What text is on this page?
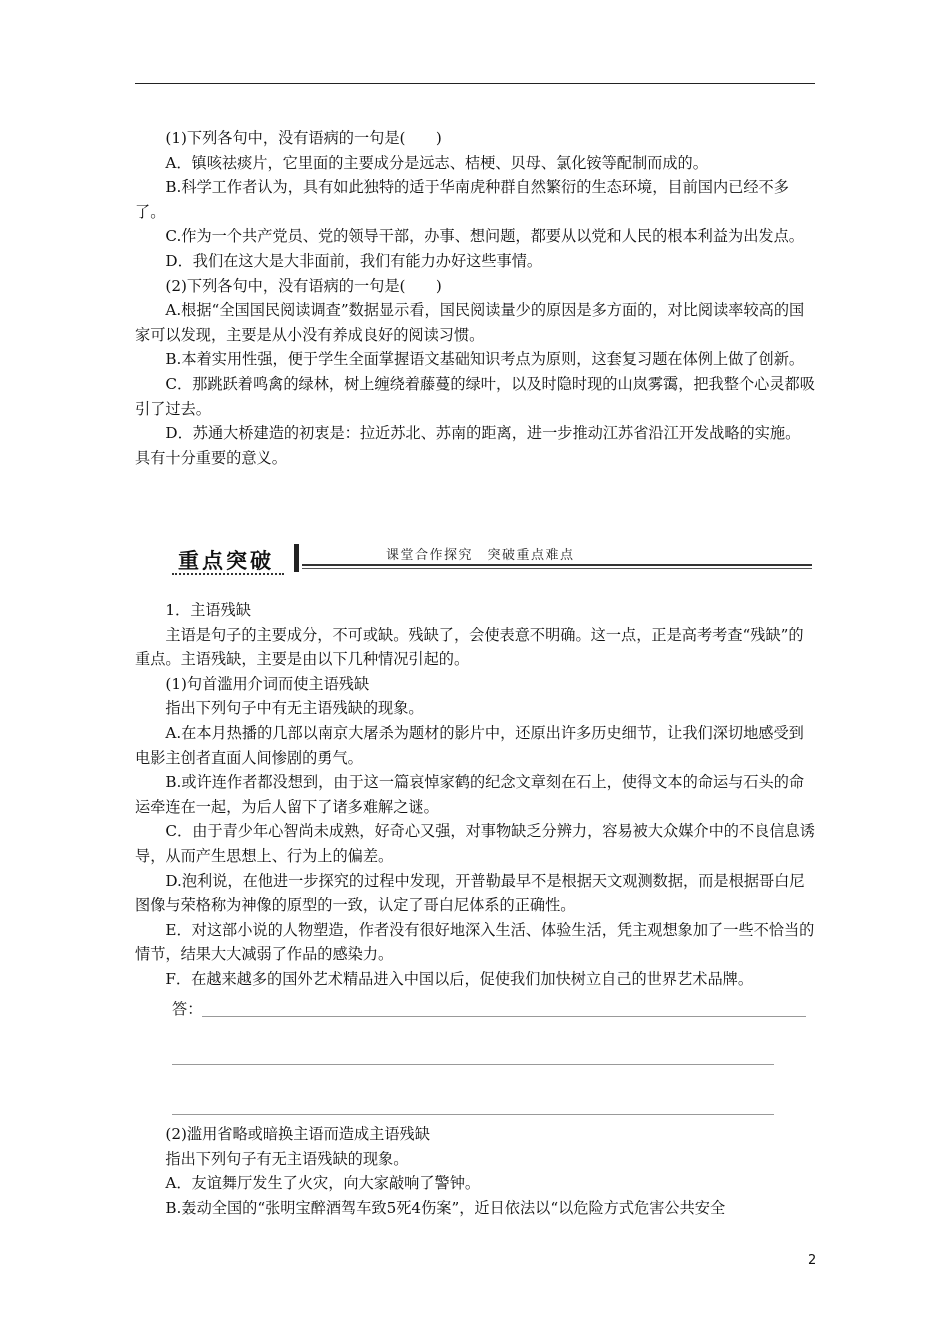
(1)下列各句中，没有语病的一句是(　　)

A．镇咳祛痰片，它里面的主要成分是远志、桔梗、贝母、氯化铵等配制而成的。

B.科学工作者认为，具有如此独特的适于华南虎种群自然繁衍的生态环境，目前国内已经不多了。

C.作为一个共产党员、党的领导干部，办事、想问题，都要从以党和人民的根本利益为出发点。

D．我们在这大是大非面前，我们有能力办好这些事情。

(2)下列各句中，没有语病的一句是(　　)

A.根据“全国国民阅读调查”数据显示看，国民阅读量少的原因是多方面的，对比阅读率较高的国家可以发现，主要是从小没有养成良好的阅读习惯。

B.本着实用性强，便于学生全面掌握语文基础知识考点为原则，这套复习题在体例上做了创新。

C．那跳跃着鸣禽的绿林，树上缠绕着藤蔓的绿叶，以及时隐时现的山岚雾霭，把我整个心灵都吸引了过去。

D．苏通大桥建造的初衷是：拉近苏北、苏南的距离，进一步推动江苏省沿江开发战略的实施。具有十分重要的意义。

重点突破	课堂合作探究　突破重点难点

1．主语残缺

主语是句子的主要成分，不可或缺。残缺了，会使表意不明确。这一点，正是高考考查“残缺”的重点。主语残缺，主要是由以下几种情况引起的。

(1)句首滥用介词而使主语残缺

指出下列句子中有无主语残缺的现象。

A.在本月热播的几部以南京大屠杀为题材的影片中，还原出许多历史细节，让我们深切地感受到电影主创者直面人间惨剧的勇气。

B.或许连作者都没想到，由于这一篇哀悼家鹤的纪念文章刻在石上，使得文本的命运与石头的命运牵连在一起，为后人留下了诸多难解之谜。

C．由于青少年心智尚未成熟，好奇心又强，对事物缺乏分辨力，容易被大众媒介中的不良信息诱导，从而产生思想上、行为上的偏差。

D.泡利说，在他进一步探究的过程中发现，开普勒最早不是根据天文观测数据，而是根据哥白尼图像与荣格称为神像的原型的一致，认定了哥白尼体系的正确性。

E．对这部小说的人物塑造，作者没有很好地深入生活、体验生活，凭主观想象加了一些不恰当的情节，结果大大减弱了作品的感染力。

F．在越来越多的国外艺术精品进入中国以后，促使我们加快树立自己的世界艺术品牌。

答：

(2)滥用省略或暗换主语而造成主语残缺

指出下列句子有无主语残缺的现象。

A．友谊舞厅发生了火灾，向大家敲响了警钟。

B.轰动全国的“张明宝醉酒驾车致5死4伤案”，近日依法以“以危险方式危害公共安全

2
